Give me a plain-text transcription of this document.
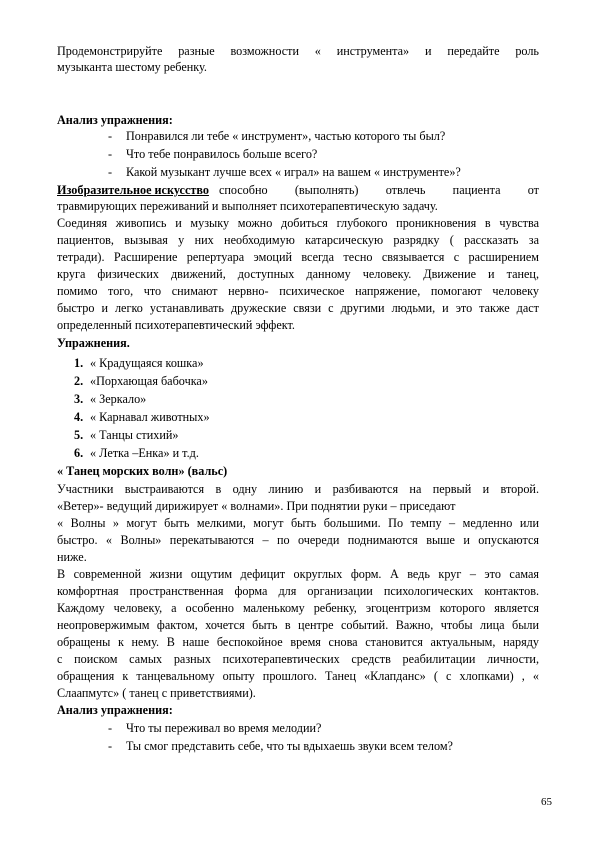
Продемонстрируйте разные возможности « инструмента» и передайте роль
музыканта шестому ребенку.
Анализ упражнения:
- Понравился ли тебе « инструмент», частью которого ты был?
- Что тебе понравилось больше всего?
- Какой музыкант лучше всех « играл» на вашем « инструменте»?
Изобразительное искусство способно (выполнять) отвлечь пациента от
травмирующих переживаний и выполняет психотерапевтическую задачу.
Соединяя живопись и музыку можно добиться глубокого проникновения в чувства
пациентов, вызывая у них необходимую катарсическую разрядку ( рассказать за
тетради). Расширение репертуара эмоций всегда тесно связывается с расширением
круга физических движений, доступных данному человеку. Движение и танец,
помимо того, что снимают нервно- психическое напряжение, помогают человеку
быстро и легко устанавливать дружеские связи с другими людьми, и это также даст
определенный психотерапевтический эффект.
Упражнения.
1. « Крадущаяся кошка»
2. «Порхающая бабочка»
3. « Зеркало»
4. « Карнавал животных»
5. « Танцы стихий»
6. « Летка –Енка» и т.д.
« Танец морских волн» (вальс)
Участники выстраиваются в одну линию и разбиваются на первый и второй.
«Ветер»- ведущий дирижирует « волнами». При поднятии руки – приседают
« Волны » могут быть мелкими, могут быть большими. По темпу – медленно или
быстро. « Волны» перекатываются – по очереди поднимаются выше и опускаются
ниже.
В современной жизни ощутим дефицит округлых форм. А ведь круг – это самая
комфортная пространственная форма для организации психологических контактов.
Каждому человеку, а особенно маленькому ребенку, эгоцентризм которого является
неопровержимым фактом, хочется быть в центре событий. Важно, чтобы лица были
обращены к нему. В наше беспокойное время снова становится актуальным, наряду
с поиском самых разных психотерапевтических средств реабилитации личности,
обращения к танцевальному опыту прошлого. Танец «Клапданс» ( с хлопками) , «
Слаапмутс» ( танец с приветствиями).
Анализ упражнения:
- Что ты переживал во время мелодии?
- Ты смог представить себе, что ты вдыхаешь звуки всем телом?
65
